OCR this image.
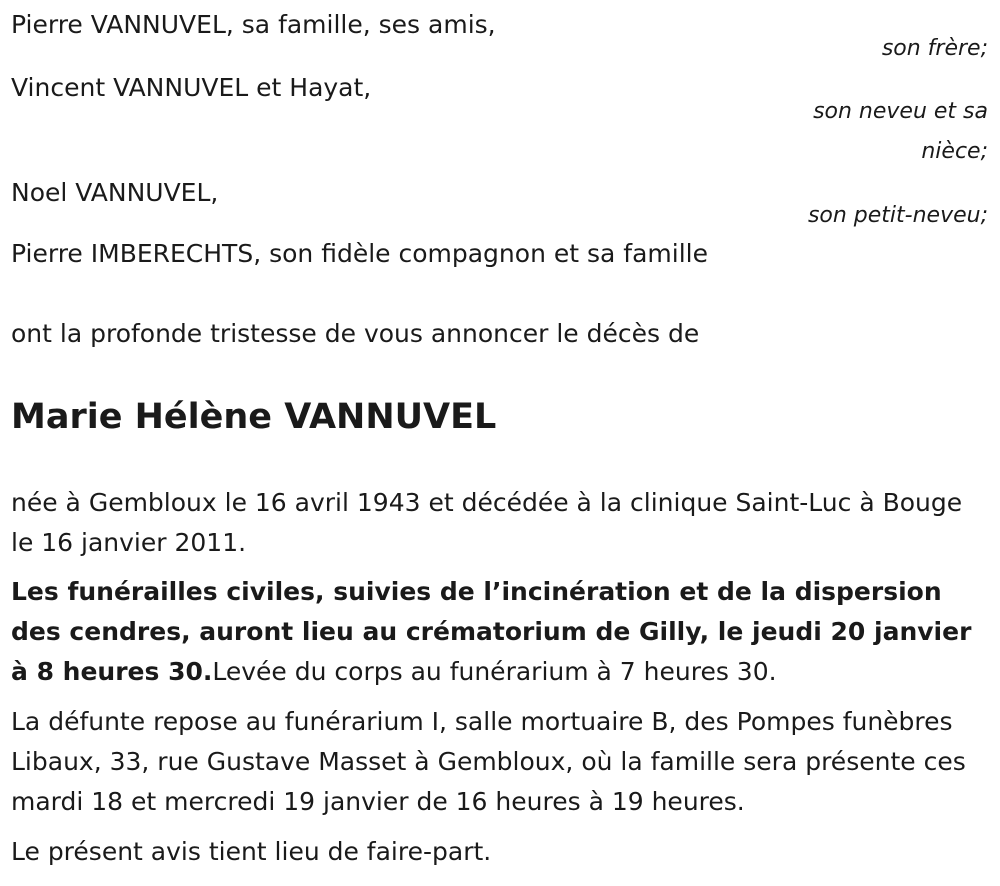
Pierre VANNUVEL, sa famille, ses amis,
son frère;
Vincent VANNUVEL et Hayat,
son neveu et sa
nièce;
Noel VANNUVEL,
son petit-neveu;
Pierre IMBERECHTS, son fidèle compagnon et sa famille
ont la profonde tristesse de vous annoncer le décès de
Marie Hélène VANNUVEL
née à Gembloux le 16 avril 1943 et décédée à la clinique Saint-Luc à Bouge le 16 janvier 2011.
Les funérailles civiles, suivies de l’incinération et de la dispersion des cendres, auront lieu au crématorium de Gilly, le jeudi 20 janvier à 8 heures 30.Levée du corps au funérarium à 7 heures 30.
La défunte repose au funérarium I, salle mortuaire B, des Pompes funèbres Libaux, 33, rue Gustave Masset à Gembloux, où la famille sera présente ces mardi 18 et mercredi 19 janvier de 16 heures à 19 heures.
Le présent avis tient lieu de faire-part.
